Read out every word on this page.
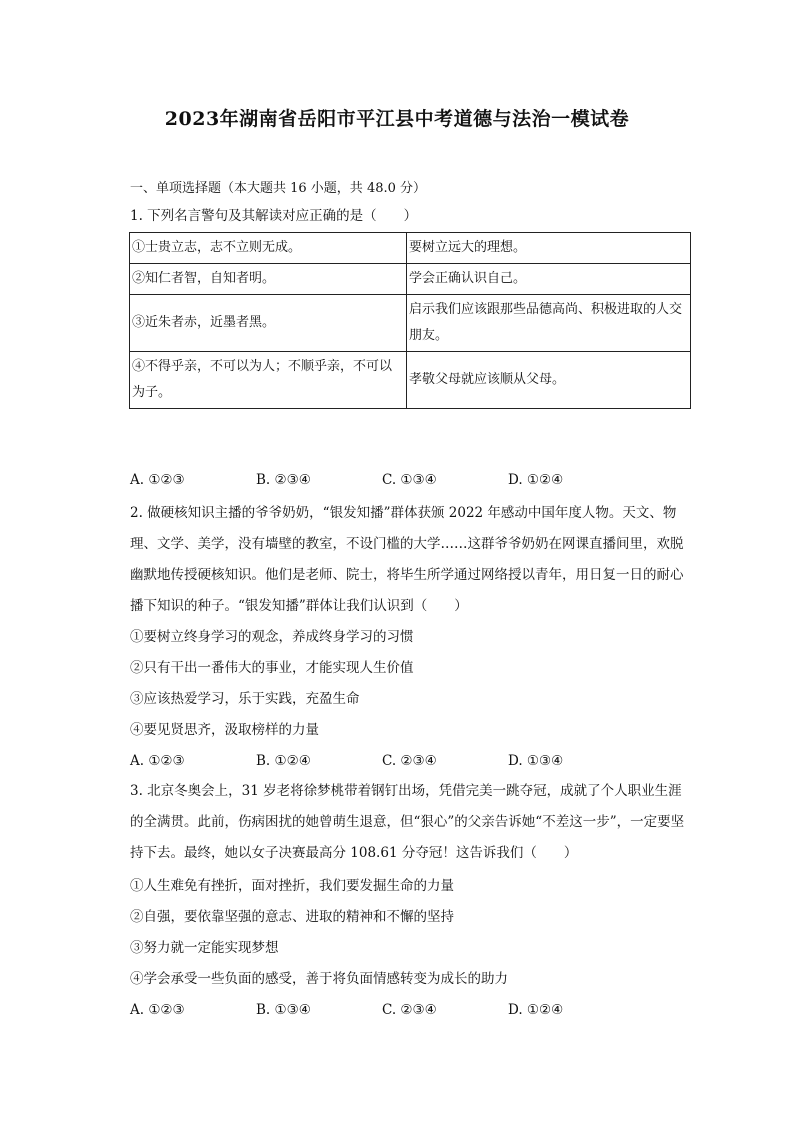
2023年湖南省岳阳市平江县中考道德与法治一模试卷
一、单项选择题（本大题共 16 小题，共 48.0 分）
1. 下列名言警句及其解读对应正确的是（　　）
①士贵立志，志不立则无成。	要树立远大的理想。
②知仁者智，自知者明。	学会正确认识自己。
③近朱者赤，近墨者黑。	启示我们应该跟那些品德高尚、积极进取的人交朋友。
④不得乎亲，不可以为人；不顺乎亲，不可以为子。	孝敬父母就应该顺从父母。
A. ①②③	B. ②③④	C. ①③④	D. ①②④
2. 做硬核知识主播的爷爷奶奶，“银发知播”群体获颁 2022 年感动中国年度人物。天文、物理、文学、美学，没有墙壁的教室，不设门槛的大学……这群爷爷奶奶在网课直播间里，欢脱幽默地传授硬核知识。他们是老师、院士，将毕生所学通过网络授以青年，用日复一日的耐心播下知识的种子。“银发知播”群体让我们认识到（　　）
①要树立终身学习的观念，养成终身学习的习惯
②只有干出一番伟大的事业，才能实现人生价值
③应该热爱学习，乐于实践，充盈生命
④要见贤思齐，汲取榜样的力量
A. ①②③	B. ①②④	C. ②③④	D. ①③④
3. 北京冬奥会上，31 岁老将徐梦桃带着钢钉出场，凭借完美一跳夺冠，成就了个人职业生涯的全满贯。此前，伤病困扰的她曾萌生退意，但“狠心”的父亲告诉她“不差这一步”，一定要坚持下去。最终，她以女子决赛最高分 108.61 分夺冠！这告诉我们（　　）
①人生难免有挫折，面对挫折，我们要发掘生命的力量
②自强，要依靠坚强的意志、进取的精神和不懈的坚持
③努力就一定能实现梦想
④学会承受一些负面的感受，善于将负面情感转变为成长的助力
A. ①②③	B. ①③④	C. ②③④	D. ①②④
